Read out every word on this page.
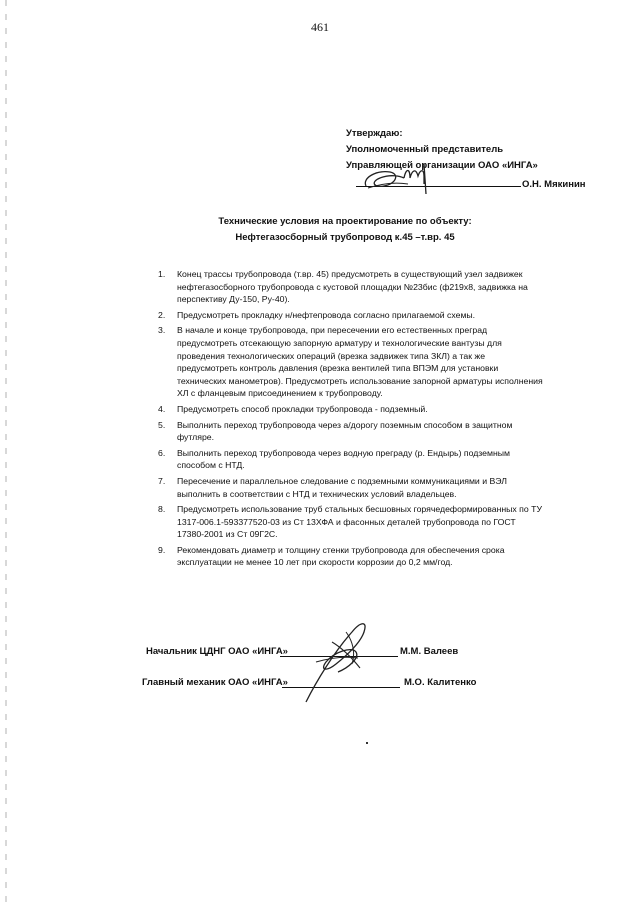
461
Утверждаю:
Уполномоченный представитель
Управляющей организации ОАО «ИНГА»
О.Н. Мякинин
Технические условия на проектирование по объекту:
Нефтегазосборный трубопровод к.45 –т.вр. 45
1. Конец трассы трубопровода (т.вр. 45) предусмотреть в существующий узел задвижек нефтегазосборного трубопровода с кустовой площадки №23бис (ф219х8, задвижка на перспективу Ду-150, Ру-40).
2. Предусмотреть прокладку н/нефтепровода согласно прилагаемой схемы.
3. В начале и конце трубопровода, при пересечении его естественных преград предусмотреть отсекающую запорную арматуру и технологические вантузы для проведения технологических операций (врезка задвижек типа ЗКЛ) а так же предусмотреть контроль давления (врезка вентилей типа ВПЭМ для установки технических манометров). Предусмотреть использование запорной арматуры исполнения ХЛ с фланцевым присоединением к трубопроводу.
4. Предусмотреть способ прокладки трубопровода - подземный.
5. Выполнить переход трубопровода через а/дорогу поземным способом в защитном футляре.
6. Выполнить переход трубопровода через водную преграду (р. Ендырь) подземным способом с НТД.
7. Пересечение и параллельное следование с подземными коммуникациями и ВЭЛ выполнить в соответствии с НТД и технических условий владельцев.
8. Предусмотреть использование труб стальных бесшовных горячедеформированных по ТУ 1317-006.1-593377520-03 из Ст 13ХФА и фасонных деталей трубопровода по ГОСТ 17380-2001 из Ст 09Г2С.
9. Рекомендовать диаметр и толщину стенки трубопровода для обеспечения срока эксплуатации не менее 10 лет при скорости коррозии до 0,2 мм/год.
Начальник ЦДНГ ОАО «ИНГА»	М.М. Валеев
Главный механик ОАО «ИНГА»	М.О. Калитенко
